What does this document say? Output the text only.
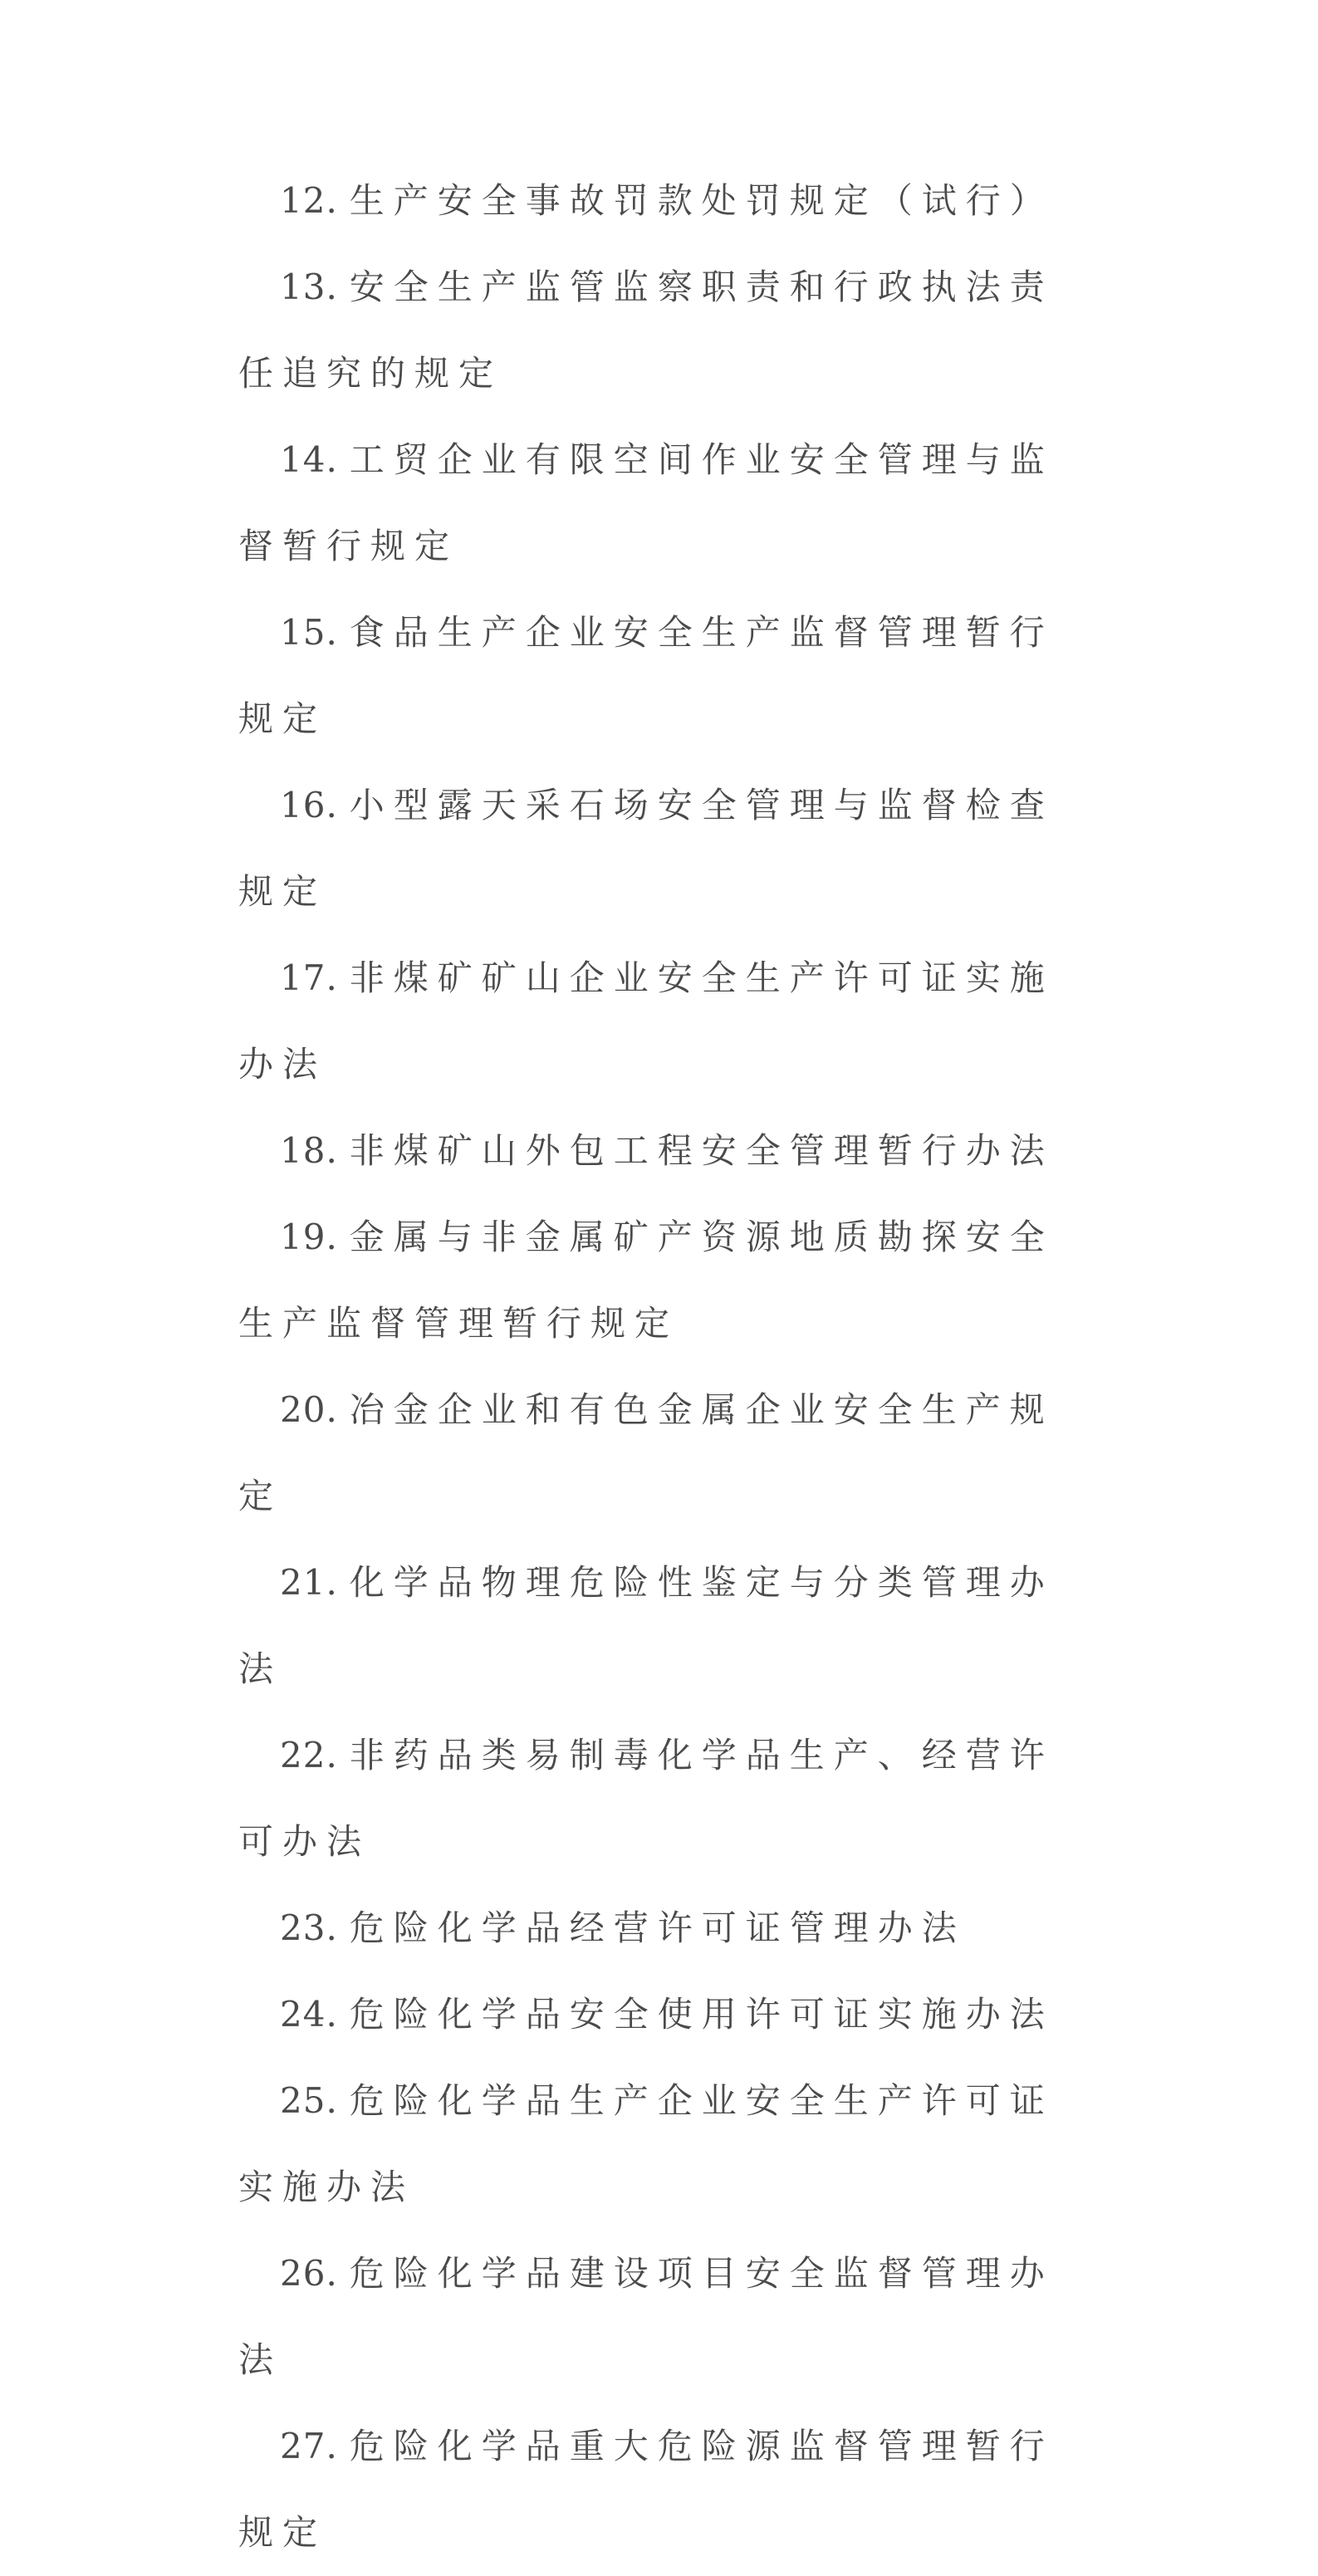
12. 生产安全事故罚款处罚规定（试行）

13. 安全生产监管监察职责和行政执法责任追究的规定

14. 工贸企业有限空间作业安全管理与监督暂行规定

15. 食品生产企业安全生产监督管理暂行规定

16. 小型露天采石场安全管理与监督检查规定

17. 非煤矿矿山企业安全生产许可证实施办法

18. 非煤矿山外包工程安全管理暂行办法

19. 金属与非金属矿产资源地质勘探安全生产监督管理暂行规定

20. 冶金企业和有色金属企业安全生产规定

21. 化学品物理危险性鉴定与分类管理办法

22. 非药品类易制毒化学品生产、经营许可办法

23. 危险化学品经营许可证管理办法

24. 危险化学品安全使用许可证实施办法

25. 危险化学品生产企业安全生产许可证实施办法

26. 危险化学品建设项目安全监督管理办法

27. 危险化学品重大危险源监督管理暂行规定
